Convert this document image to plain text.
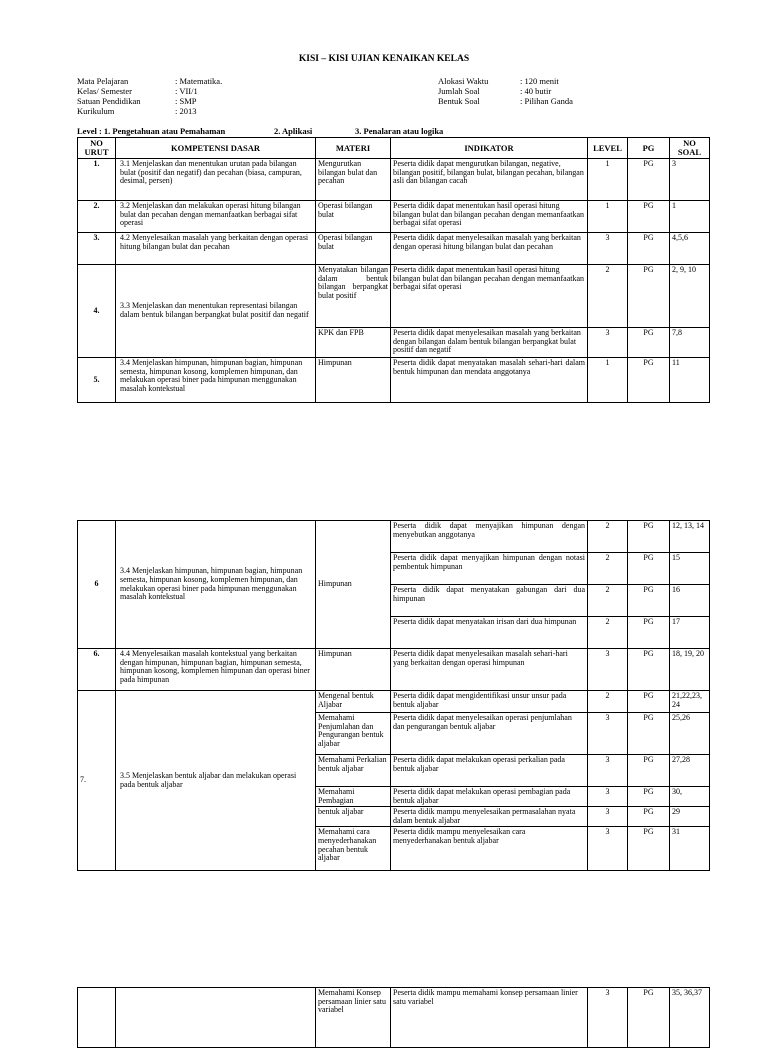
KISI – KISI UJIAN KENAIKAN KELAS
Mata Pelajaran	: Matematika.
Kelas/ Semester	: VII/1
Satuan Pendidikan	: SMP
Kurikulum	: 2013
Alokasi Waktu	: 120 menit
Jumlah Soal	: 40 butir
Bentuk Soal	: Pilihan Ganda
Level : 1. Pengetahuan atau Pemahaman	2. Aplikasi	3. Penalaran atau logika
NO URUT	KOMPETENSI DASAR	MATERI	INDIKATOR	LEVEL	PG	NO SOAL
1.	3.1 Menjelaskan dan menentukan urutan pada bilangan bulat (positif dan negatif) dan pecahan (biasa, campuran, desimal, persen)	Mengurutkan bilangan bulat dan pecahan	Peserta didik dapat mengurutkan bilangan, negative, bilangan positif, bilangan bulat, bilangan pecahan, bilangan asli dan bilangan cacah	1	PG	3
2.	3.2 Menjelaskan dan melakukan operasi hitung bilangan bulat dan pecahan dengan memanfaatkan berbagai sifat operasi	Operasi bilangan bulat	Peserta didik dapat menentukan hasil operasi hitung bilangan bulat dan bilangan pecahan dengan memanfaatkan berbagai sifat operasi	1	PG	1
3.	4.2 Menyelesaikan masalah yang berkaitan dengan operasi hitung bilangan bulat dan pecahan	Operasi bilangan bulat	Peserta didik dapat menyelesaikan masalah yang berkaitan dengan operasi hitung bilangan bulat dan pecahan	3	PG	4,5,6
4.	3.3 Menjelaskan dan menentukan representasi bilangan dalam bentuk bilangan berpangkat bulat positif dan negatif	Menyatakan bilangan dalam bentuk bilangan berpangkat bulat positif	Peserta didik dapat menentukan hasil operasi hitung bilangan bulat dan bilangan pecahan dengan memanfaatkan berbagai sifat operasi	2	PG	2, 9, 10
		KPK dan FPB	Peserta didik dapat menyelesaikan masalah yang berkaitan dengan bilangan dalam bentuk bilangan berpangkat bulat positif dan negatif	3	PG	7,8
5.	3.4 Menjelaskan himpunan, himpunan bagian, himpunan semesta, himpunan kosong, komplemen himpunan, dan melakukan operasi biner pada himpunan menggunakan masalah kontekstual	Himpunan	Peserta didik dapat menyatakan masalah sehari-hari dalam bentuk himpunan dan mendata anggotanya	1	PG	11
6	3.4 Menjelaskan himpunan, himpunan bagian, himpunan semesta, himpunan kosong, komplemen himpunan, dan melakukan operasi biner pada himpunan menggunakan masalah kontekstual	Himpunan	Peserta didik dapat menyajikan himpunan dengan menyebutkan anggotanya	2	PG	12, 13, 14
			Peserta didik dapat menyajikan himpunan dengan notasi pembentuk himpunan	2	PG	15
			Peserta didik dapat menyatakan gabungan dari dua himpunan	2	PG	16
			Peserta didik dapat menyatakan irisan dari dua himpunan	2	PG	17
6.	4.4 Menyelesaikan masalah kontekstual yang berkaitan dengan himpunan, himpunan bagian, himpunan semesta, himpunan kosong, komplemen himpunan dan operasi biner pada himpunan	Himpunan	Peserta didik dapat menyelesaikan masalah sehari-hari yang berkaitan dengan operasi himpunan	3	PG	18, 19, 20
7.	3.5 Menjelaskan bentuk aljabar dan melakukan operasi pada bentuk aljabar	Mengenal bentuk Aljabar	Peserta didik dapat mengidentifikasi unsur unsur pada bentuk aljabar	2	PG	21,22,23, 24
		Memahami Penjumlahan dan Pengurangan bentuk aljabar	Peserta didik dapat menyelesaikan operasi penjumlahan dan pengurangan bentuk aljabar	3	PG	25,26
		Memahami Perkalian bentuk aljabar	Peserta didik dapat melakukan operasi perkalian pada bentuk aljabar	3	PG	27,28
		Memahami Pembagian	Peserta didik dapat melakukan operasi pembagian pada bentuk aljabar	3	PG	30,
		bentuk aljabar	Peserta didik mampu menyelesaikan permasalahan nyata dalam bentuk aljabar	3	PG	29
		Memahami cara menyederhanakan pecahan bentuk aljabar	Peserta didik mampu menyelesaikan cara menyederhanakan bentuk aljabar	3	PG	31
		Memahami Konsep persamaan linier satu variabel	Peserta didik mampu memahami konsep persamaan linier satu variabel	3	PG	35, 36,37
